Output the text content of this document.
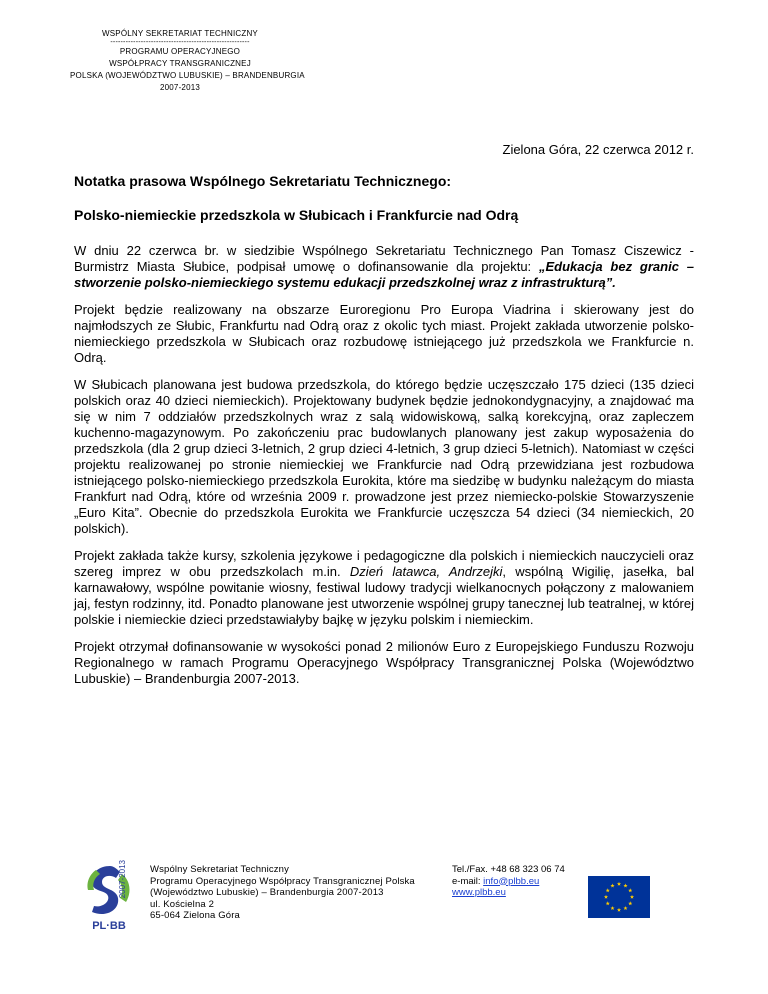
WSPÓLNY SEKRETARIAT TECHNICZNY
-------------------------------------------------------
PROGRAMU OPERACYJNEGO
WSPÓŁPRACY TRANSGRANICZNEJ
POLSKA (WOJEWÓDZTWO LUBUSKIE) – BRANDENBURGIA
2007-2013
Zielona Góra, 22 czerwca 2012 r.
Notatka prasowa Wspólnego Sekretariatu Technicznego:
Polsko-niemieckie przedszkola w Słubicach i Frankfurcie nad Odrą

W dniu 22 czerwca br. w siedzibie Wspólnego Sekretariatu Technicznego Pan Tomasz Ciszewicz - Burmistrz Miasta Słubice, podpisał umowę o dofinansowanie dla projektu: „Edukacja bez granic – stworzenie polsko-niemieckiego systemu edukacji przedszkolnej wraz z infrastrukturą”.

Projekt będzie realizowany na obszarze Euroregionu Pro Europa Viadrina i skierowany jest do najmłodszych ze Słubic, Frankfurtu nad Odrą oraz z okolic tych miast. Projekt zakłada utworzenie polsko-niemieckiego przedszkola w Słubicach oraz rozbudowę istniejącego już przedszkola we Frankfurcie n. Odrą.

W Słubicach planowana jest budowa przedszkola, do którego będzie uczęszczało 175 dzieci (135 dzieci polskich oraz 40 dzieci niemieckich). Projektowany budynek będzie jednokondygnacyjny, a znajdować ma się w nim 7 oddziałów przedszkolnych wraz z salą widowiskową, salką korekcyjną, oraz zapleczem kuchenno-magazynowym. Po zakończeniu prac budowlanych planowany jest zakup wyposażenia do przedszkola (dla 2 grup dzieci 3-letnich, 2 grup dzieci 4-letnich, 3 grup dzieci 5-letnich). Natomiast w części projektu realizowanej po stronie niemieckiej we Frankfurcie nad Odrą przewidziana jest rozbudowa istniejącego polsko-niemieckiego przedszkola Eurokita, które ma siedzibę w budynku należącym do miasta Frankfurt nad Odrą, które od września 2009 r. prowadzone jest przez niemiecko-polskie Stowarzyszenie „Euro Kita”. Obecnie do przedszkola Eurokita we Frankfurcie uczęszcza 54 dzieci (34 niemieckich, 20 polskich).

Projekt zakłada także kursy, szkolenia językowe i pedagogiczne dla polskich i niemieckich nauczycieli oraz szereg imprez w obu przedszkolach m.in. Dzień latawca, Andrzejki, wspólną Wigilię, jasełka, bal karnawałowy, wspólne powitanie wiosny, festiwal ludowy tradycji wielkanocnych połączony z malowaniem jaj, festyn rodzinny, itd. Ponadto planowane jest utworzenie wspólnej grupy tanecznej lub teatralnej, w której polskie i niemieckie dzieci przedstawiałyby bajkę w języku polskim i niemieckim.

Projekt otrzymał dofinansowanie w wysokości ponad 2 milionów Euro z Europejskiego Funduszu Rozwoju Regionalnego w ramach Programu Operacyjnego Współpracy Transgranicznej Polska (Województwo Lubuskie) – Brandenburgia 2007-2013.

PL·BB
2007-2013 Wspólny Sekretariat Techniczny
Programu Operacyjnego Współpracy Transgranicznej Polska
(Województwo Lubuskie) – Brandenburgia 2007-2013
ul. Kościelna 2
65-064 Zielona Góra
Tel./Fax. +48 68 323 06 74
e-mail: info@plbb.eu
www.plbb.eu
